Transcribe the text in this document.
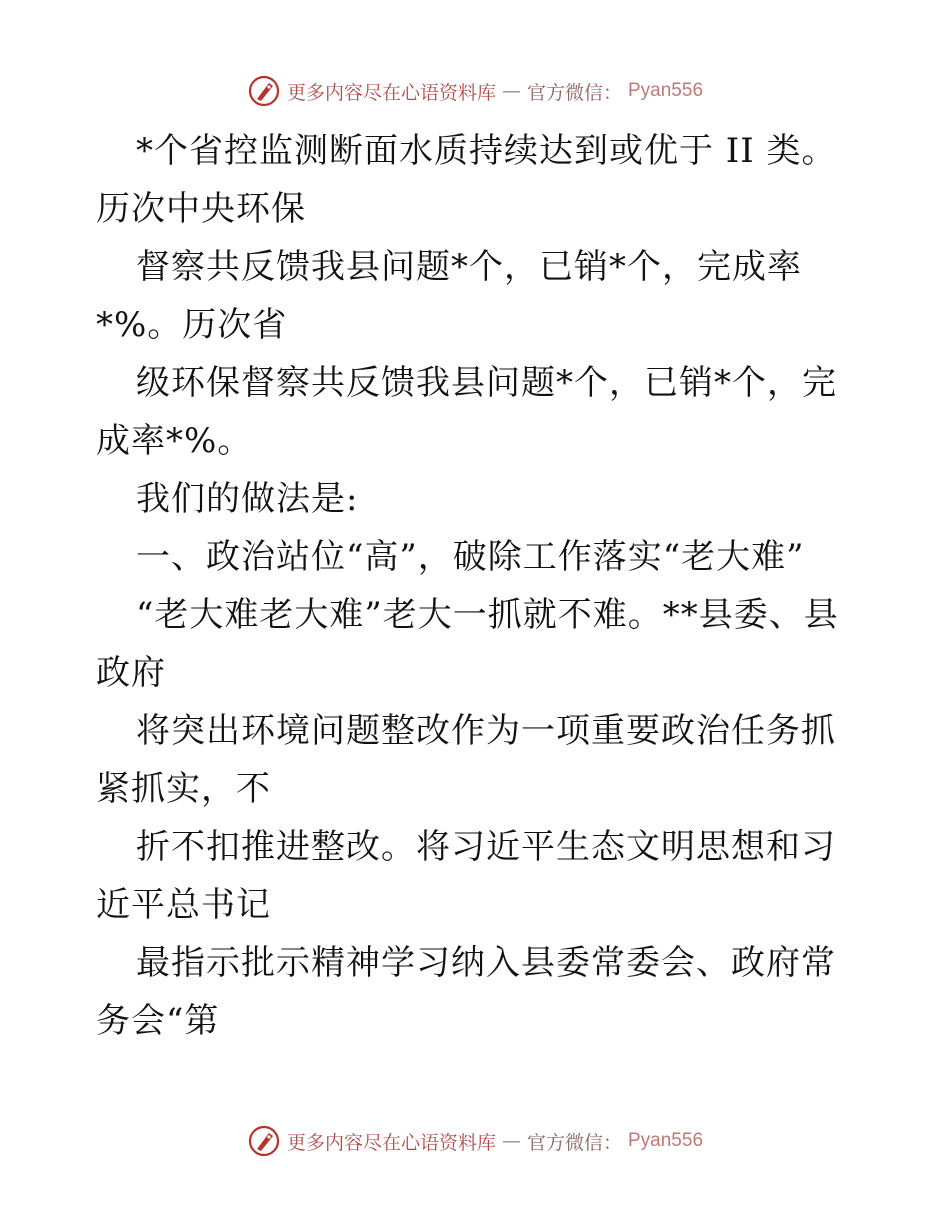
更多内容尽在心语资料库 — 官方微信： Pyan556

*个省控监测断面水质持续达到或优于 II 类。历次中央环保

督察共反馈我县问题*个，已销*个，完成率*%。历次省

级环保督察共反馈我县问题*个，已销*个，完成率*%。

我们的做法是:

一、政治站位“高”，破除工作落实“老大难”

“老大难老大难”老大一抓就不难。**县委、县政府

将突出环境问题整改作为一项重要政治任务抓紧抓实，不

折不扣推进整改。将习近平生态文明思想和习近平总书记

最指示批示精神学习纳入县委常委会、政府常务会“第

更多内容尽在心语资料库 — 官方微信： Pyan556
